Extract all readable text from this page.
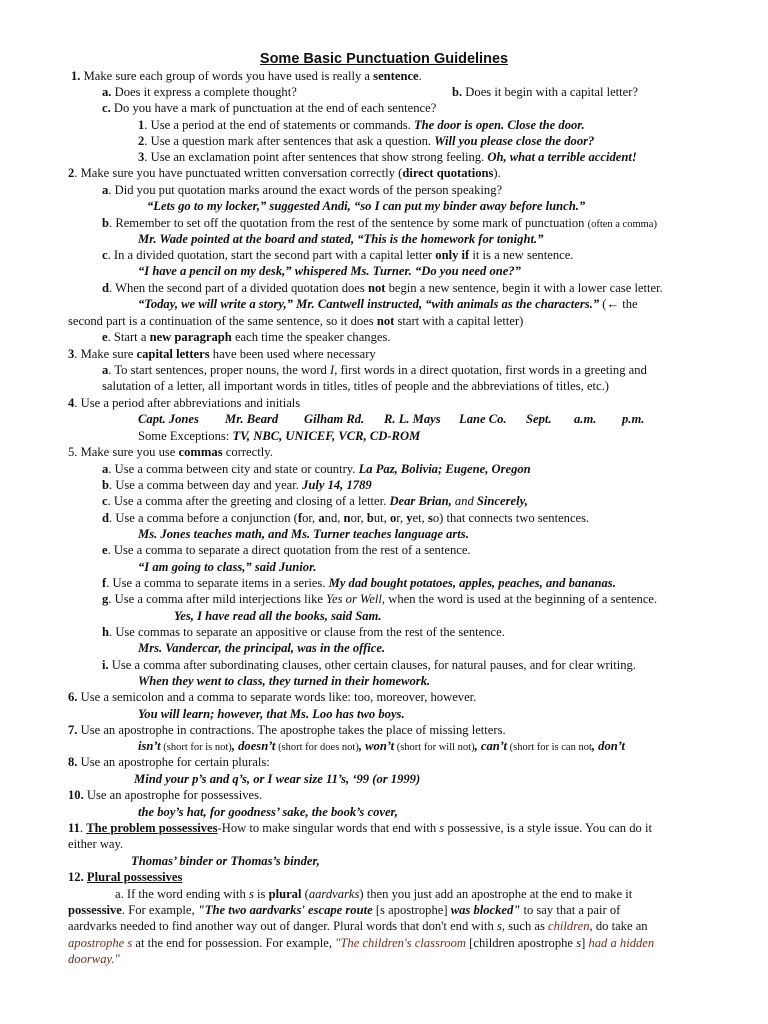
Some Basic Punctuation Guidelines
1. Make sure each group of words you have used is really a sentence.
a. Does it express a complete thought?	b. Does it begin with a capital letter?
c. Do you have a mark of punctuation at the end of each sentence?
1. Use a period at the end of statements or commands. The door is open. Close the door.
2. Use a question mark after sentences that ask a question. Will you please close the door?
3. Use an exclamation point after sentences that show strong feeling. Oh, what a terrible accident!
2. Make sure you have punctuated written conversation correctly (direct quotations).
a. Did you put quotation marks around the exact words of the person speaking?
“Lets go to my locker,” suggested Andi, “so I can put my binder away before lunch.”
b. Remember to set off the quotation from the rest of the sentence by some mark of punctuation (often a comma)
Mr. Wade pointed at the board and stated, “This is the homework for tonight.”
c. In a divided quotation, start the second part with a capital letter only if it is a new sentence.
“I have a pencil on my desk,” whispered Ms. Turner. “Do you need one?”
d. When the second part of a divided quotation does not begin a new sentence, begin it with a lower case letter.
“Today, we will write a story,” Mr. Cantwell instructed, “with animals as the characters.” (← the
second part is a continuation of the same sentence, so it does not start with a capital letter)
e. Start a new paragraph each time the speaker changes.
3. Make sure capital letters have been used where necessary
a. To start sentences, proper nouns, the word I, first words in a direct quotation, first words in a greeting and
salutation of a letter, all important words in titles, titles of people and the abbreviations of titles, etc.)
4. Use a period after abbreviations and initials
Capt. Jones Mr. Beard Gilham Rd. R. L. Mays Lane Co. Sept. a.m. p.m.
Some Exceptions: TV, NBC, UNICEF, VCR, CD-ROM
5. Make sure you use commas correctly.
a. Use a comma between city and state or country. La Paz, Bolivia; Eugene, Oregon
b. Use a comma between day and year. July 14, 1789
c. Use a comma after the greeting and closing of a letter. Dear Brian, and Sincerely,
d. Use a comma before a conjunction (for, and, nor, but, or, yet, so) that connects two sentences.
Ms. Jones teaches math, and Ms. Turner teaches language arts.
e. Use a comma to separate a direct quotation from the rest of a sentence.
“I am going to class,” said Junior.
f. Use a comma to separate items in a series. My dad bought potatoes, apples, peaches, and bananas.
g. Use a comma after mild interjections like Yes or Well, when the word is used at the beginning of a sentence.
Yes, I have read all the books, said Sam.
h. Use commas to separate an appositive or clause from the rest of the sentence.
Mrs. Vandercar, the principal, was in the office.
i. Use a comma after subordinating clauses, other certain clauses, for natural pauses, and for clear writing.
When they went to class, they turned in their homework.
6. Use a semicolon and a comma to separate words like: too, moreover, however.
You will learn; however, that Ms. Loo has two boys.
7. Use an apostrophe in contractions. The apostrophe takes the place of missing letters.
isn’t (short for is not), doesn’t (short for does not), won’t (short for will not), can’t (short for is can not, don’t
8. Use an apostrophe for certain plurals:
Mind your p’s and q’s, or I wear size 11’s, ‘99 (or 1999)
10. Use an apostrophe for possessives.
the boy’s hat, for goodness’ sake, the book’s cover,
11. The problem possessives-How to make singular words that end with s possessive, is a style issue. You can do it
either way.
Thomas’ binder or Thomas’s binder,
12. Plural possessives
a. If the word ending with s is plural (aardvarks) then you just add an apostrophe at the end to make it
possessive. For example, "The two aardvarks' escape route [s apostrophe] was blocked" to say that a pair of
aardvarks needed to find another way out of danger. Plural words that don't end with s, such as children, do take an
apostrophe s at the end for possession. For example, "The children's classroom [children apostrophe s] had a hidden
doorway."
